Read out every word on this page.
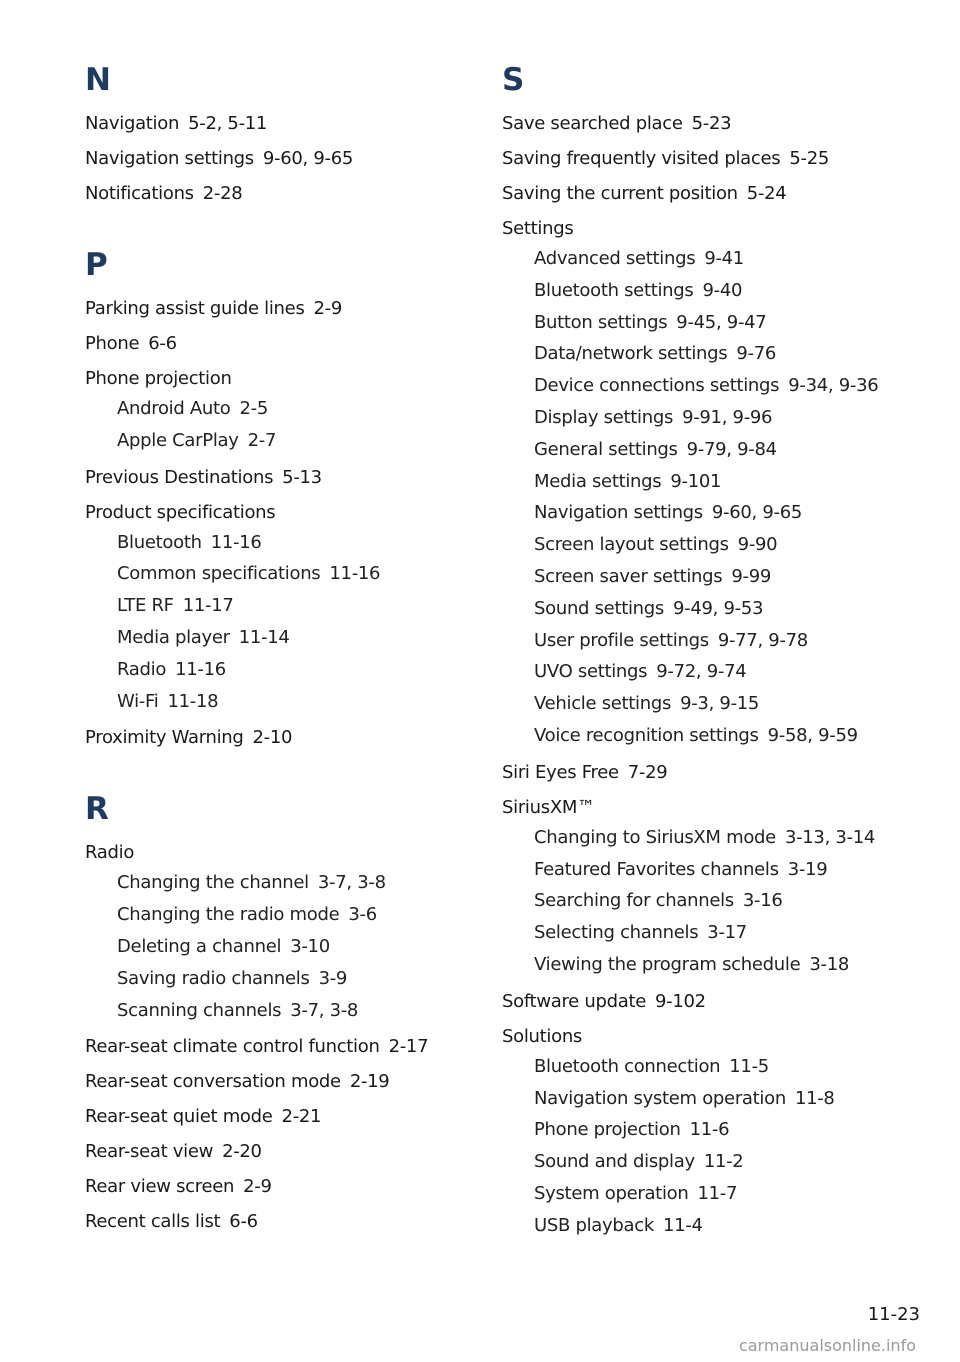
N
Navigation 5-2, 5-11
Navigation settings 9-60, 9-65
Notifications 2-28
P
Parking assist guide lines 2-9
Phone 6-6
Phone projection
Android Auto 2-5
Apple CarPlay 2-7
Previous Destinations 5-13
Product specifications
Bluetooth 11-16
Common specifications 11-16
LTE RF 11-17
Media player 11-14
Radio 11-16
Wi-Fi 11-18
Proximity Warning 2-10
R
Radio
Changing the channel 3-7, 3-8
Changing the radio mode 3-6
Deleting a channel 3-10
Saving radio channels 3-9
Scanning channels 3-7, 3-8
Rear-seat climate control function 2-17
Rear-seat conversation mode 2-19
Rear-seat quiet mode 2-21
Rear-seat view 2-20
Rear view screen 2-9
Recent calls list 6-6
S
Save searched place 5-23
Saving frequently visited places 5-25
Saving the current position 5-24
Settings
Advanced settings 9-41
Bluetooth settings 9-40
Button settings 9-45, 9-47
Data/network settings 9-76
Device connections settings 9-34, 9-36
Display settings 9-91, 9-96
General settings 9-79, 9-84
Media settings 9-101
Navigation settings 9-60, 9-65
Screen layout settings 9-90
Screen saver settings 9-99
Sound settings 9-49, 9-53
User profile settings 9-77, 9-78
UVO settings 9-72, 9-74
Vehicle settings 9-3, 9-15
Voice recognition settings 9-58, 9-59
Siri Eyes Free 7-29
SiriusXM™
Changing to SiriusXM mode 3-13, 3-14
Featured Favorites channels 3-19
Searching for channels 3-16
Selecting channels 3-17
Viewing the program schedule 3-18
Software update 9-102
Solutions
Bluetooth connection 11-5
Navigation system operation 11-8
Phone projection 11-6
Sound and display 11-2
System operation 11-7
USB playback 11-4
11-23
carmanualsonline.info
